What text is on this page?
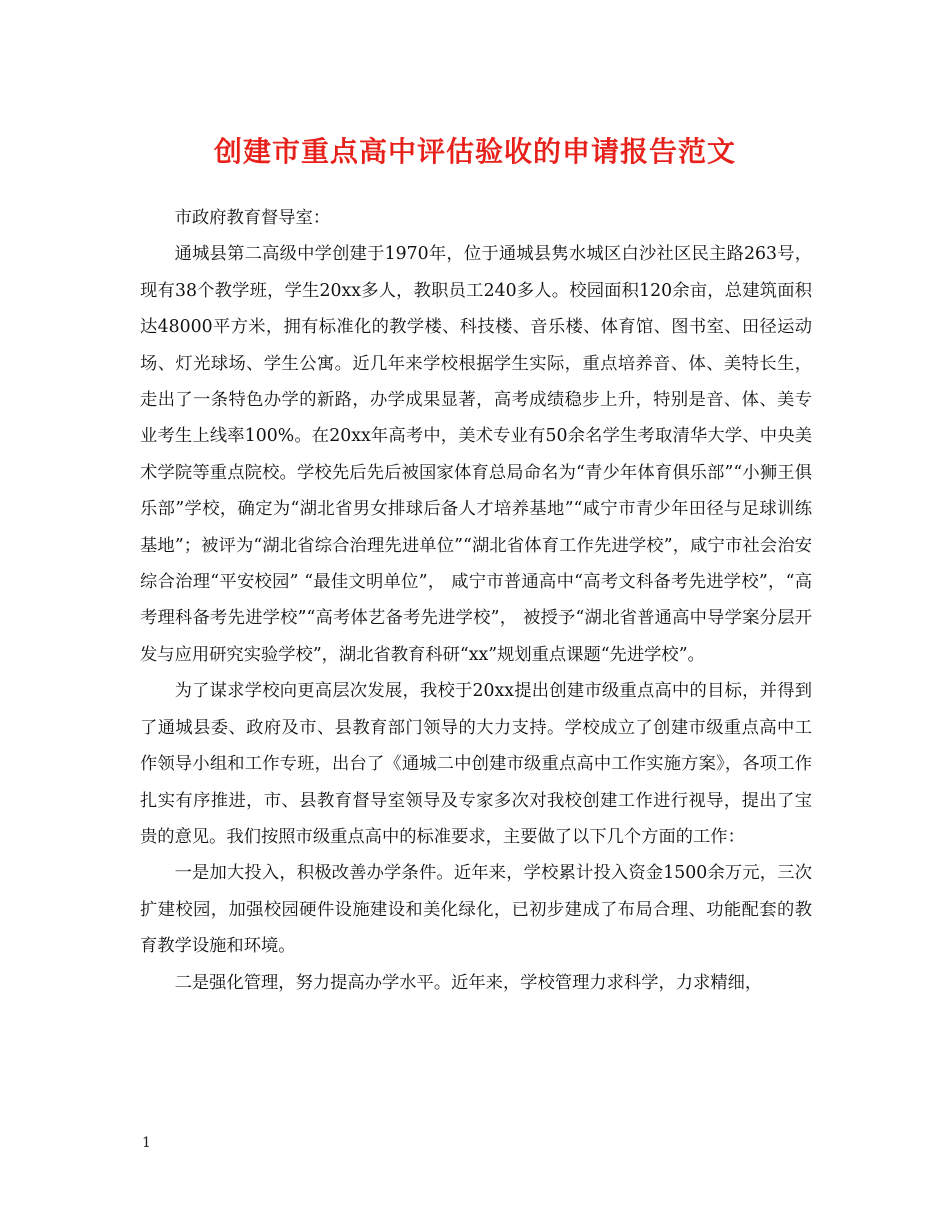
创建市重点高中评估验收的申请报告范文

市政府教育督导室：

通城县第二高级中学创建于1970年，位于通城县隽水城区白沙社区民主路263号，现有38个教学班，学生20xx多人，教职员工240多人。校园面积120余亩，总建筑面积达48000平方米，拥有标准化的教学楼、科技楼、音乐楼、体育馆、图书室、田径运动场、灯光球场、学生公寓。近几年来学校根据学生实际，重点培养音、体、美特长生，走出了一条特色办学的新路，办学成果显著，高考成绩稳步上升，特别是音、体、美专业考生上线率100%。在20xx年高考中，美术专业有50余名学生考取清华大学、中央美术学院等重点院校。学校先后先后被国家体育总局命名为“青少年体育俱乐部”“小狮王俱乐部”学校，确定为“湖北省男女排球后备人才培养基地”“咸宁市青少年田径与足球训练基地”；被评为“湖北省综合治理先进单位”“湖北省体育工作先进学校”，咸宁市社会治安综合治理“平安校园” “最佳文明单位”， 咸宁市普通高中“高考文科备考先进学校”，“高考理科备考先进学校”“高考体艺备考先进学校”， 被授予“湖北省普通高中导学案分层开发与应用研究实验学校”，湖北省教育科研“xx”规划重点课题“先进学校”。

为了谋求学校向更高层次发展，我校于20xx提出创建市级重点高中的目标，并得到了通城县委、政府及市、县教育部门领导的大力支持。学校成立了创建市级重点高中工作领导小组和工作专班，出台了《通城二中创建市级重点高中工作实施方案》，各项工作扎实有序推进，市、县教育督导室领导及专家多次对我校创建工作进行视导，提出了宝贵的意见。我们按照市级重点高中的标准要求，主要做了以下几个方面的工作：

一是加大投入，积极改善办学条件。近年来，学校累计投入资金1500余万元，三次扩建校园，加强校园硬件设施建设和美化绿化，已初步建成了布局合理、功能配套的教育教学设施和环境。

二是强化管理，努力提高办学水平。近年来，学校管理力求科学，力求精细，

1
